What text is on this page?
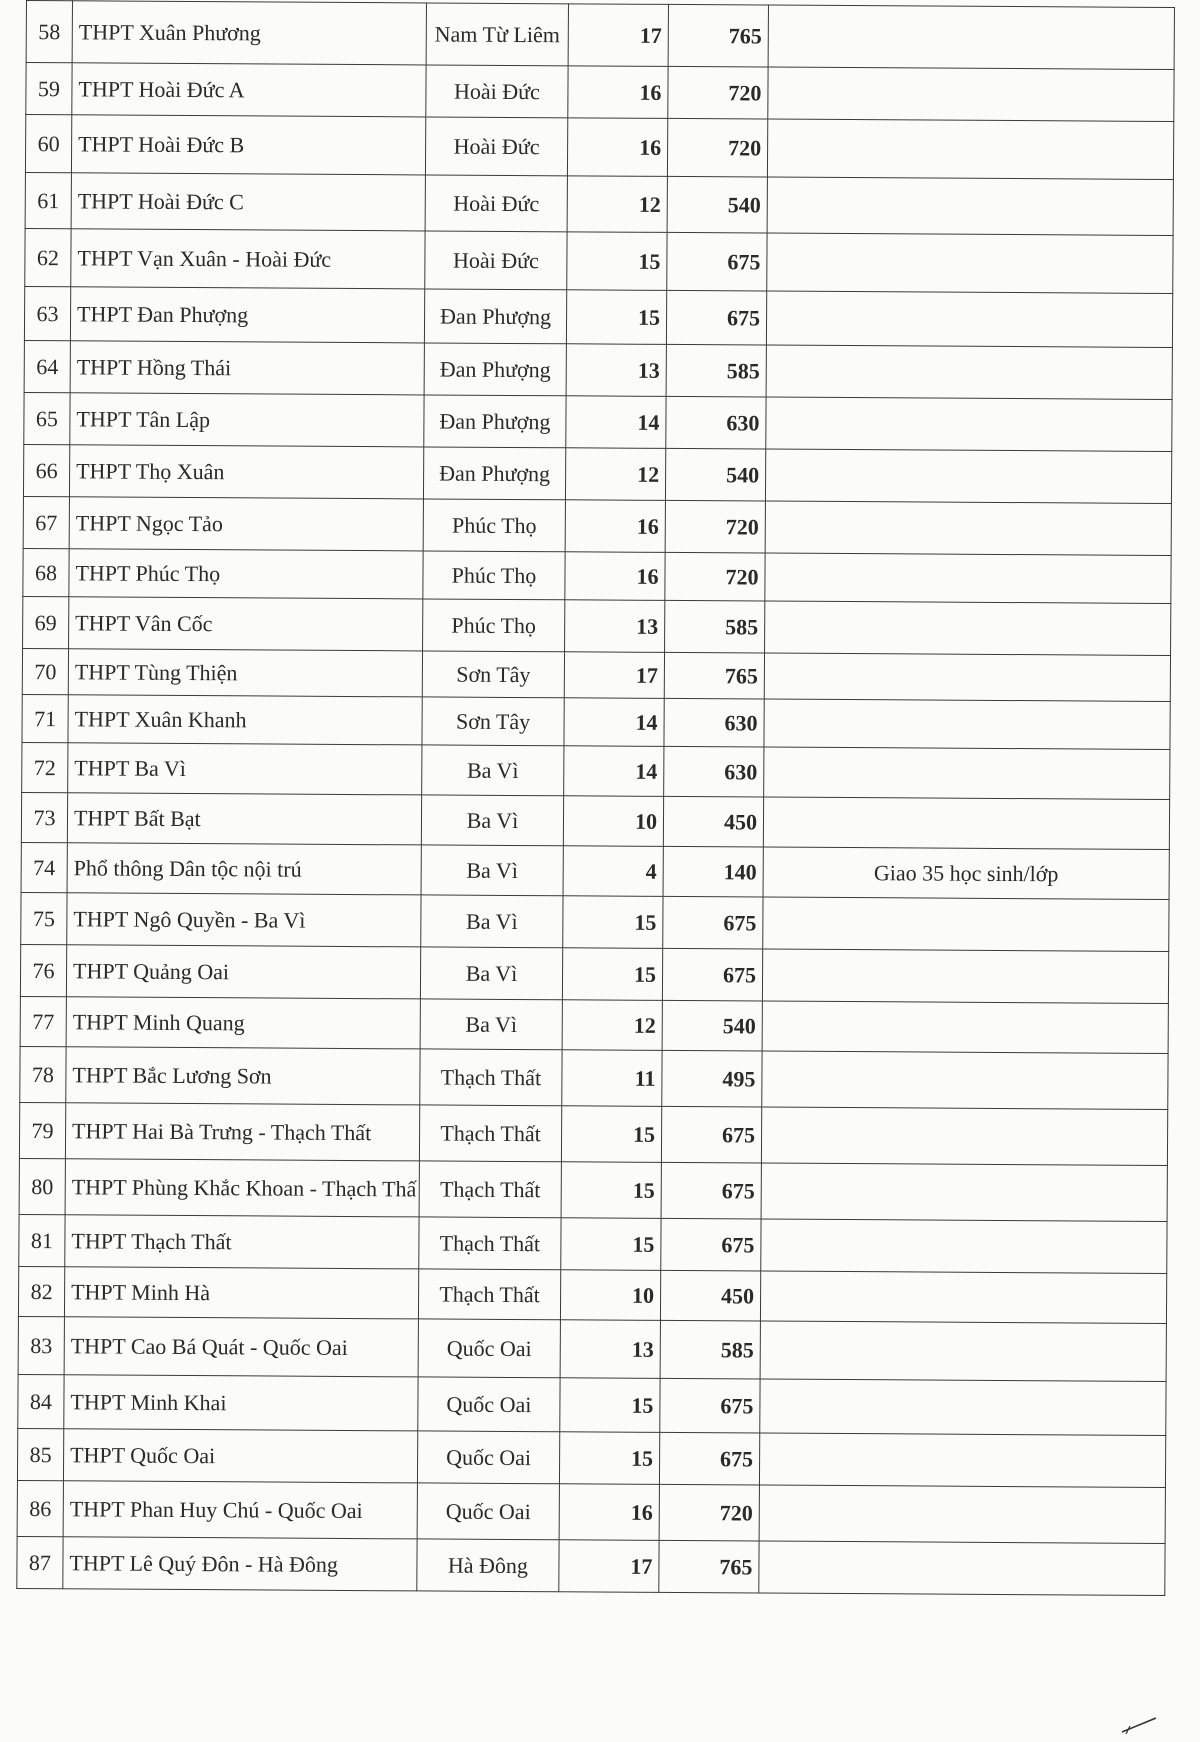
58	THPT Xuân Phương	Nam Từ Liêm	17	765	
59	THPT Hoài Đức A	Hoài Đức	16	720	
60	THPT Hoài Đức B	Hoài Đức	16	720	
61	THPT Hoài Đức C	Hoài Đức	12	540	
62	THPT Vạn Xuân - Hoài Đức	Hoài Đức	15	675	
63	THPT Đan Phượng	Đan Phượng	15	675	
64	THPT Hồng Thái	Đan Phượng	13	585	
65	THPT Tân Lập	Đan Phượng	14	630	
66	THPT Thọ Xuân	Đan Phượng	12	540	
67	THPT Ngọc Tảo	Phúc Thọ	16	720	
68	THPT Phúc Thọ	Phúc Thọ	16	720	
69	THPT Vân Cốc	Phúc Thọ	13	585	
70	THPT Tùng Thiện	Sơn Tây	17	765	
71	THPT Xuân Khanh	Sơn Tây	14	630	
72	THPT Ba Vì	Ba Vì	14	630	
73	THPT Bất Bạt	Ba Vì	10	450	
74	Phổ thông Dân tộc nội trú	Ba Vì	4	140	Giao 35 học sinh/lớp
75	THPT Ngô Quyền - Ba Vì	Ba Vì	15	675	
76	THPT Quảng Oai	Ba Vì	15	675	
77	THPT Minh Quang	Ba Vì	12	540	
78	THPT Bắc Lương Sơn	Thạch Thất	11	495	
79	THPT Hai Bà Trưng - Thạch Thất	Thạch Thất	15	675	
80	THPT Phùng Khắc Khoan - Thạch Thấ	Thạch Thất	15	675	
81	THPT Thạch Thất	Thạch Thất	15	675	
82	THPT Minh Hà	Thạch Thất	10	450	
83	THPT Cao Bá Quát - Quốc Oai	Quốc Oai	13	585	
84	THPT Minh Khai	Quốc Oai	15	675	
85	THPT Quốc Oai	Quốc Oai	15	675	
86	THPT Phan Huy Chú - Quốc Oai	Quốc Oai	16	720	
87	THPT Lê Quý Đôn - Hà Đông	Hà Đông	17	765	
